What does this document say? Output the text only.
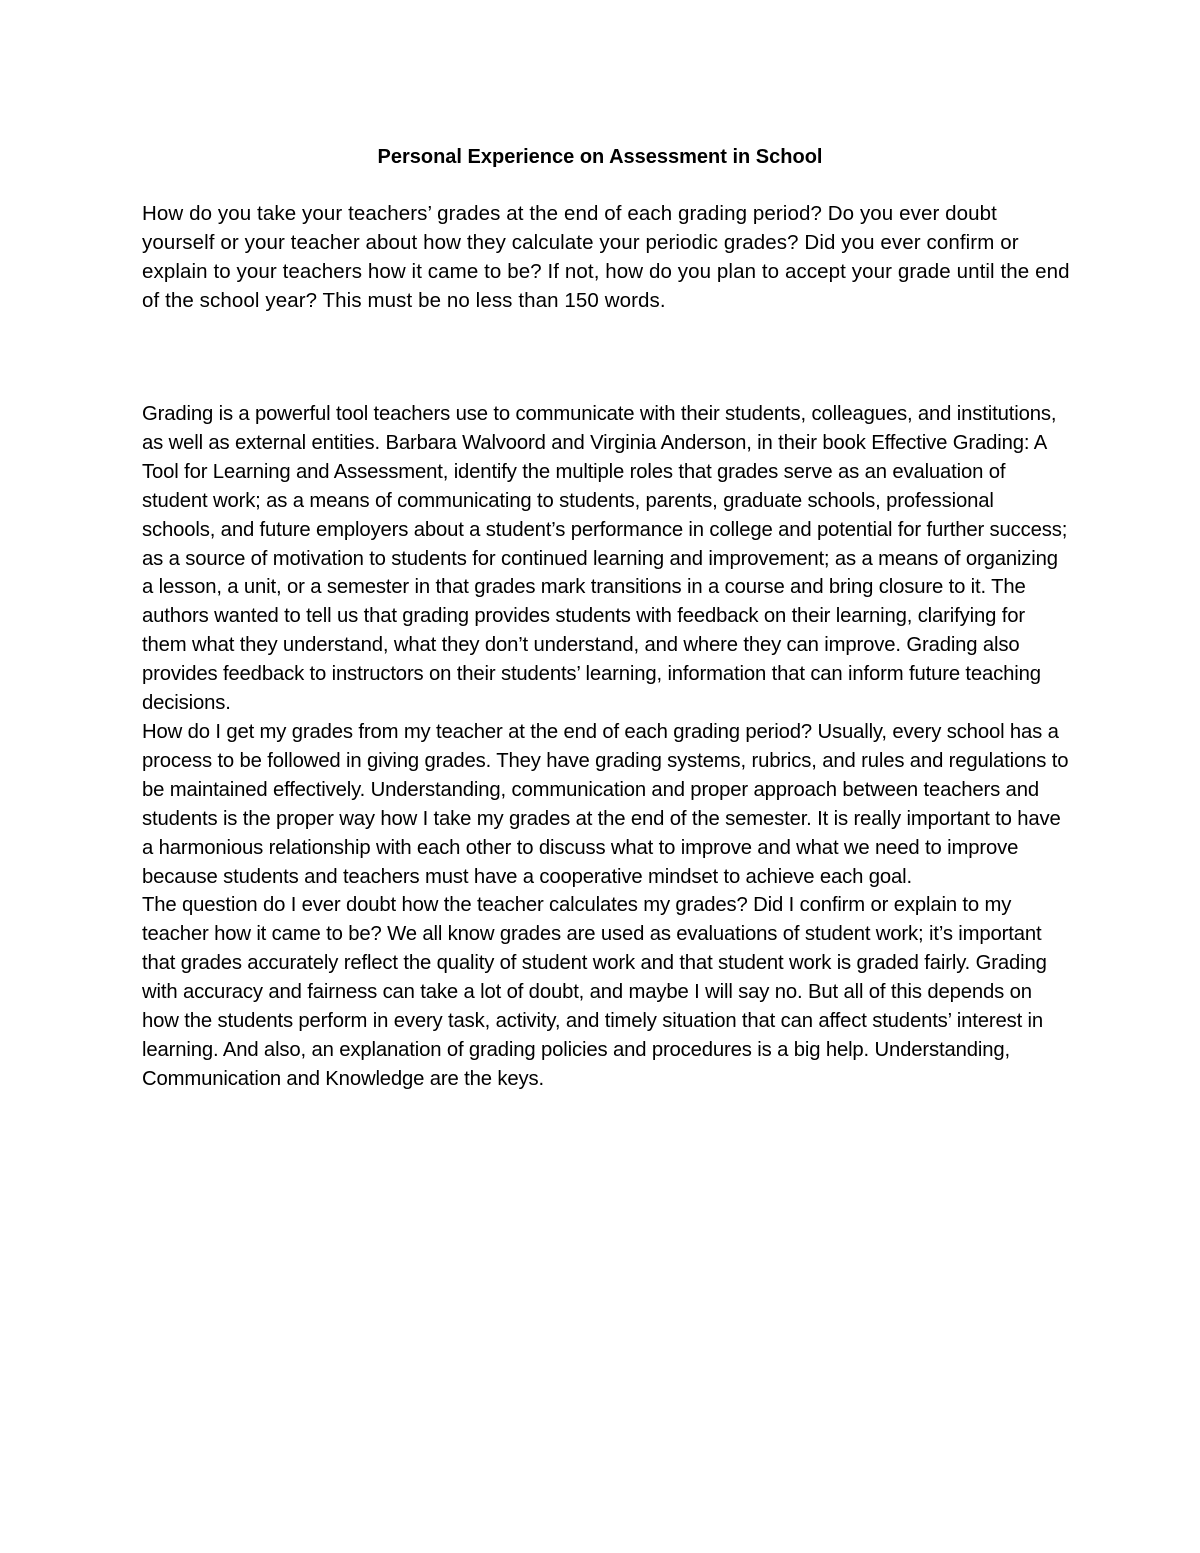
Personal Experience on Assessment in School

How do you take your teachers’ grades at the end of each grading period? Do you ever doubt yourself or your teacher about how they calculate your periodic grades? Did you ever confirm or explain to your teachers how it came to be? If not, how do you plan to accept your grade until the end of the school year? This must be no less than 150 words.

Grading is a powerful tool teachers use to communicate with their students, colleagues, and institutions, as well as external entities. Barbara Walvoord and Virginia Anderson, in their book Effective Grading: A Tool for Learning and Assessment, identify the multiple roles that grades serve as an evaluation of student work; as a means of communicating to students, parents, graduate schools, professional schools, and future employers about a student’s performance in college and potential for further success; as a source of motivation to students for continued learning and improvement; as a means of organizing a lesson, a unit, or a semester in that grades mark transitions in a course and bring closure to it. The authors wanted to tell us that grading provides students with feedback on their learning, clarifying for them what they understand, what they don’t understand, and where they can improve. Grading also provides feedback to instructors on their students’ learning, information that can inform future teaching decisions.

How do I get my grades from my teacher at the end of each grading period? Usually, every school has a process to be followed in giving grades. They have grading systems, rubrics, and rules and regulations to be maintained effectively. Understanding, communication and proper approach between teachers and students is the proper way how I take my grades at the end of the semester. It is really important to have a harmonious relationship with each other to discuss what to improve and what we need to improve because students and teachers must have a cooperative mindset to achieve each goal.

The question do I ever doubt how the teacher calculates my grades? Did I confirm or explain to my teacher how it came to be? We all know grades are used as evaluations of student work; it’s important that grades accurately reflect the quality of student work and that student work is graded fairly. Grading with accuracy and fairness can take a lot of doubt, and maybe I will say no. But all of this depends on how the students perform in every task, activity, and timely situation that can affect students’ interest in learning. And also, an explanation of grading policies and procedures is a big help. Understanding, Communication and Knowledge are the keys.
